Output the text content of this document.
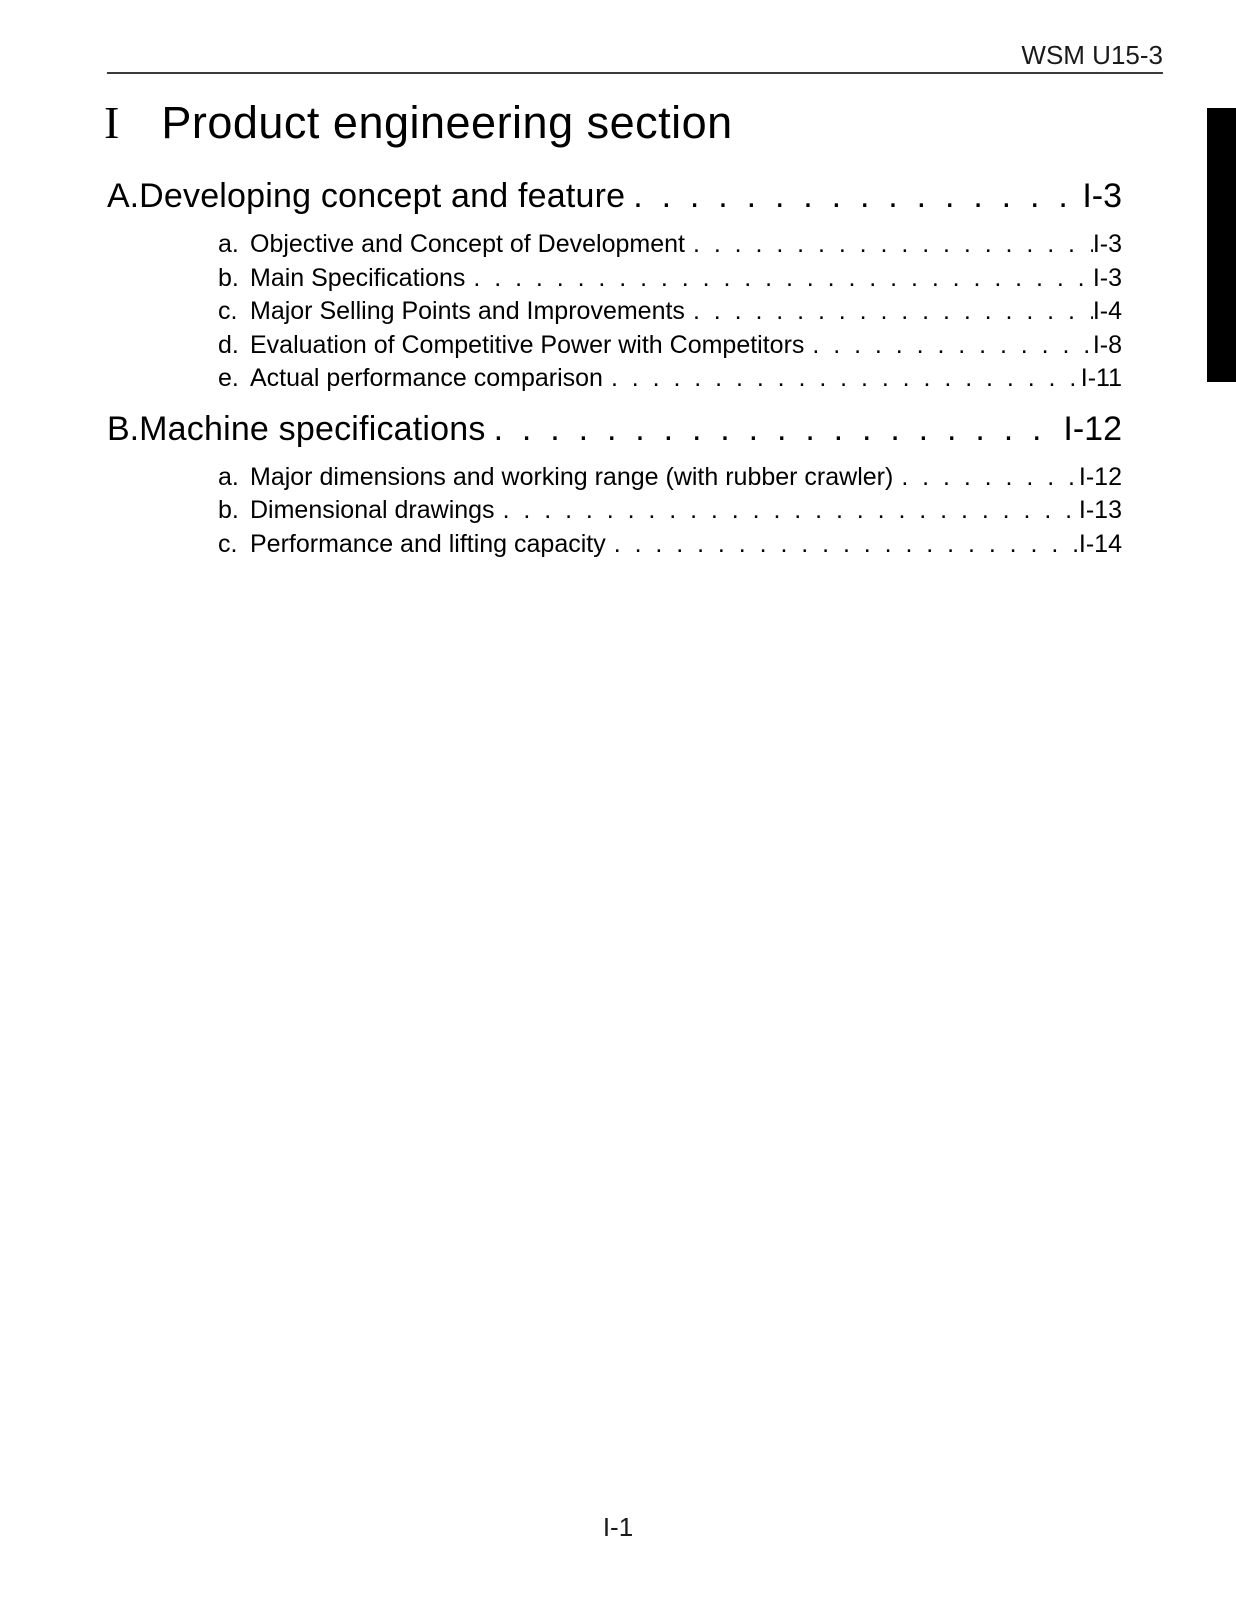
WSM U15-3
I Product engineering section
A. Developing concept and feature .  .	I-3
a. Objective and Concept of Development .  .	I-3
b. Main Specifications .  .	I-3
c. Major Selling Points and Improvements .  .	I-4
d. Evaluation of Competitive Power with Competitors .  .	I-8
e. Actual performance comparison .  .	I-11
B. Machine specifications .  .	I-12
a. Major dimensions and working range (with rubber crawler) .  .	I-12
b. Dimensional drawings .  .	I-13
c. Performance and lifting capacity .  .	I-14
I-1
